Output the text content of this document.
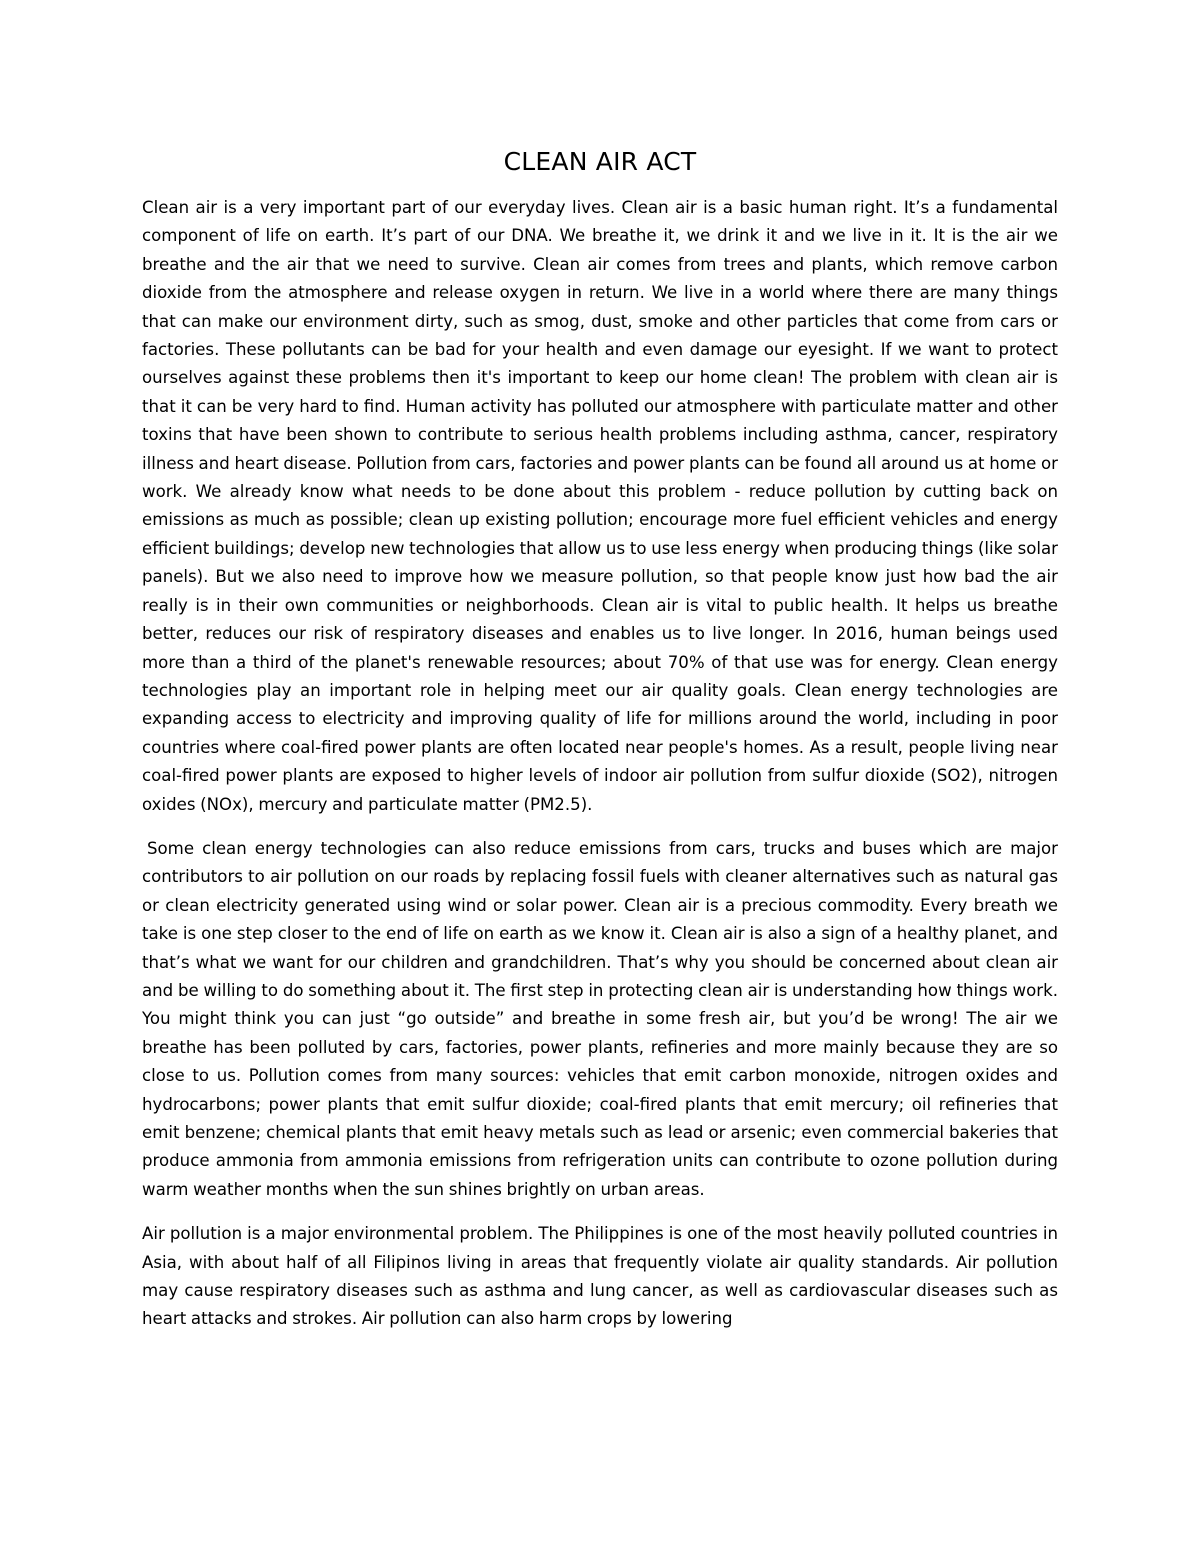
CLEAN AIR ACT

Clean air is a very important part of our everyday lives. Clean air is a basic human right. It’s a fundamental component of life on earth. It’s part of our DNA. We breathe it, we drink it and we live in it. It is the air we breathe and the air that we need to survive. Clean air comes from trees and plants, which remove carbon dioxide from the atmosphere and release oxygen in return. We live in a world where there are many things that can make our environment dirty, such as smog, dust, smoke and other particles that come from cars or factories. These pollutants can be bad for your health and even damage our eyesight. If we want to protect ourselves against these problems then it's important to keep our home clean! The problem with clean air is that it can be very hard to find. Human activity has polluted our atmosphere with particulate matter and other toxins that have been shown to contribute to serious health problems including asthma, cancer, respiratory illness and heart disease. Pollution from cars, factories and power plants can be found all around us at home or work. We already know what needs to be done about this problem - reduce pollution by cutting back on emissions as much as possible; clean up existing pollution; encourage more fuel efficient vehicles and energy efficient buildings; develop new technologies that allow us to use less energy when producing things (like solar panels). But we also need to improve how we measure pollution, so that people know just how bad the air really is in their own communities or neighborhoods. Clean air is vital to public health. It helps us breathe better, reduces our risk of respiratory diseases and enables us to live longer. In 2016, human beings used more than a third of the planet's renewable resources; about 70% of that use was for energy. Clean energy technologies play an important role in helping meet our air quality goals. Clean energy technologies are expanding access to electricity and improving quality of life for millions around the world, including in poor countries where coal-fired power plants are often located near people's homes. As a result, people living near coal-fired power plants are exposed to higher levels of indoor air pollution from sulfur dioxide (SO2), nitrogen oxides (NOx), mercury and particulate matter (PM2.5).

Some clean energy technologies can also reduce emissions from cars, trucks and buses which are major contributors to air pollution on our roads by replacing fossil fuels with cleaner alternatives such as natural gas or clean electricity generated using wind or solar power. Clean air is a precious commodity. Every breath we take is one step closer to the end of life on earth as we know it. Clean air is also a sign of a healthy planet, and that’s what we want for our children and grandchildren. That’s why you should be concerned about clean air and be willing to do something about it. The first step in protecting clean air is understanding how things work. You might think you can just “go outside” and breathe in some fresh air, but you’d be wrong! The air we breathe has been polluted by cars, factories, power plants, refineries and more mainly because they are so close to us. Pollution comes from many sources: vehicles that emit carbon monoxide, nitrogen oxides and hydrocarbons; power plants that emit sulfur dioxide; coal-fired plants that emit mercury; oil refineries that emit benzene; chemical plants that emit heavy metals such as lead or arsenic; even commercial bakeries that produce ammonia from ammonia emissions from refrigeration units can contribute to ozone pollution during warm weather months when the sun shines brightly on urban areas.

Air pollution is a major environmental problem. The Philippines is one of the most heavily polluted countries in Asia, with about half of all Filipinos living in areas that frequently violate air quality standards. Air pollution may cause respiratory diseases such as asthma and lung cancer, as well as cardiovascular diseases such as heart attacks and strokes. Air pollution can also harm crops by lowering
